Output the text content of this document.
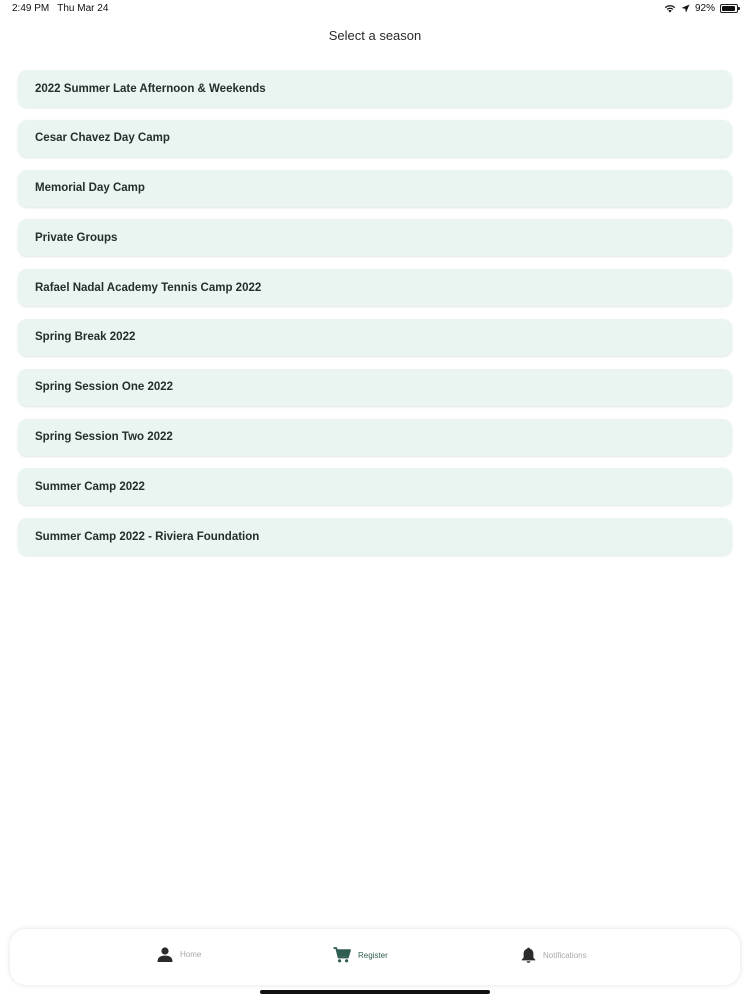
2:49 PM Thu Mar 24	92%
Select a season
2022 Summer Late Afternoon & Weekends
Cesar Chavez Day Camp
Memorial Day Camp
Private Groups
Rafael Nadal Academy Tennis Camp 2022
Spring Break 2022
Spring Session One 2022
Spring Session Two 2022
Summer Camp 2022
Summer Camp 2022 - Riviera Foundation
Home	Register	Notifications
